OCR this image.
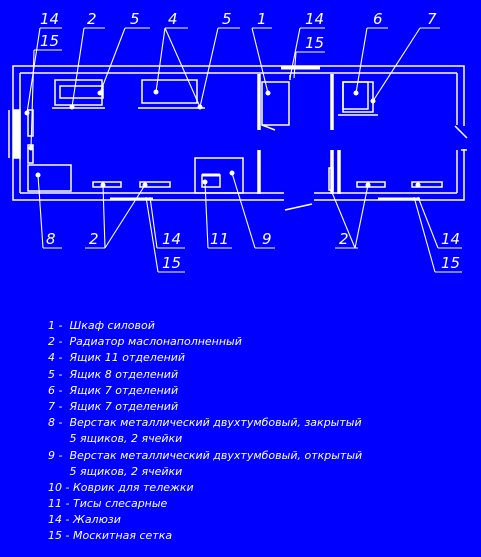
14
15
2 5 4	5 1	14
15
6	7
8 2	14
15
11 9	2	14
15
1 - Шкаф силовой
2 - Радиатор маслонаполненный
4 - Ящик 11 отделений
5 - Ящик 8 отделений
6 - Ящик 7 отделений
7 - Ящик 7 отделений
8 - Верстак металлический двухтумбовый, закрытый
5 ящиков, 2 ячейки
9 - Верстак металлический двухтумбовый, открытый
5 ящиков, 2 ячейки
10 - Коврик для тележки
11 - Тисы слесарные
14 - Жалюзи
15 - Москитная сетка
